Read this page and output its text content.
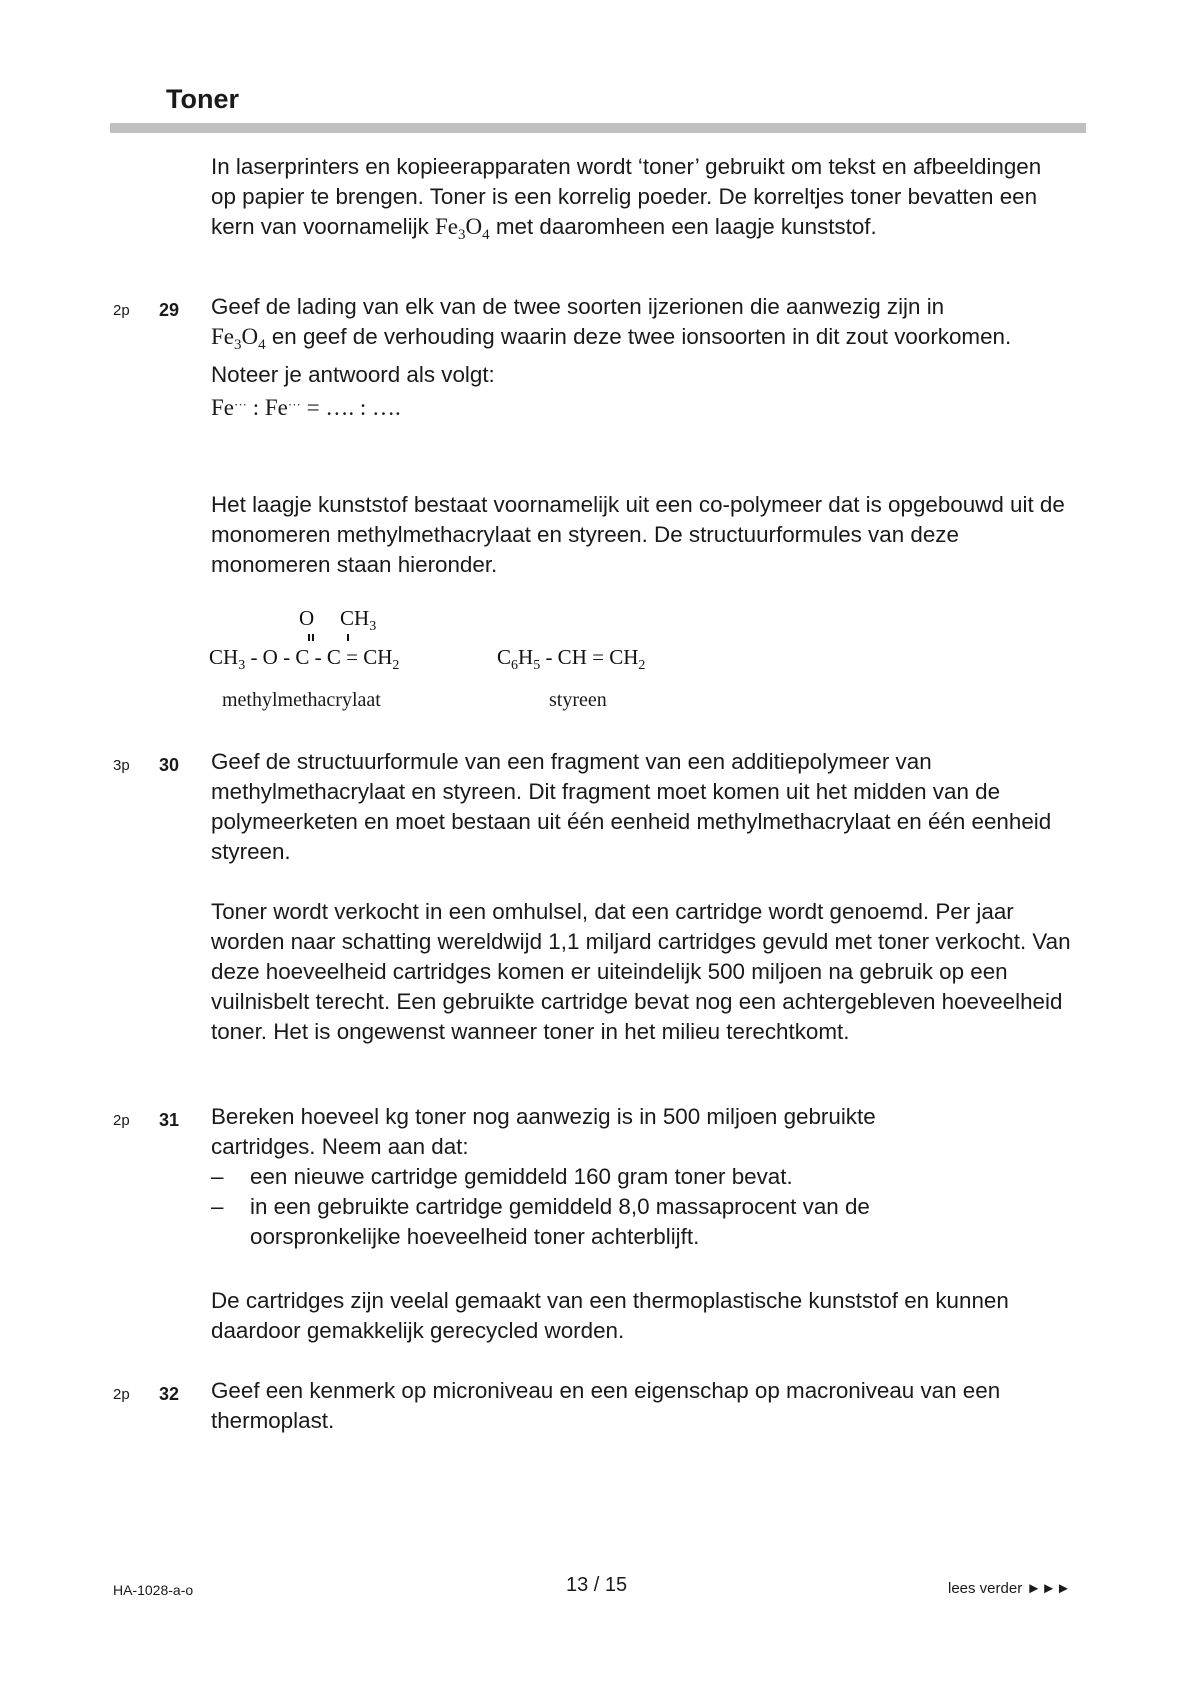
Toner
In laserprinters en kopieerapparaten wordt ‘toner’ gebruikt om tekst en afbeeldingen op papier te brengen. Toner is een korrelig poeder. De korreltjes toner bevatten een kern van voornamelijk $Fe_3O_4$ met daaromheen een laagje kunststof.
2p 29 Geef de lading van elk van de twee soorten ijzerionen die aanwezig zijn in
$Fe_3O_4$ en geef de verhouding waarin deze twee ionsoorten in dit zout voorkomen.
Noteer je antwoord als volgt:
Fe··· : Fe··· = …. : ….
Het laagje kunststof bestaat voornamelijk uit een co-polymeer dat is opgebouwd uit de monomeren methylmethacrylaat en styreen. De structuurformules van deze monomeren staan hieronder.
O $CH_3$
$CH_3 - O - C - C = CH_2$
methylmethacrylaat
$C_6H_5$ - CH = $CH_2$
styreen
3p 30 Geef de structuurformule van een fragment van een additiepolymeer van methylmethacrylaat en styreen. Dit fragment moet komen uit het midden van de polymeerketen en moet bestaan uit één eenheid methylmethacrylaat en één eenheid styreen.
Toner wordt verkocht in een omhulsel, dat een cartridge wordt genoemd. Per jaar worden naar schatting wereldwijd 1,1 miljard cartridges gevuld met toner verkocht. Van deze hoeveelheid cartridges komen er uiteindelijk 500 miljoen na gebruik op een vuilnisbelt terecht. Een gebruikte cartridge bevat nog een achtergebleven hoeveelheid toner. Het is ongewenst wanneer toner in het milieu terechtkomt.
2p 31 Bereken hoeveel kg toner nog aanwezig is in 500 miljoen gebruikte cartridges. Neem aan dat:
– een nieuwe cartridge gemiddeld 160 gram toner bevat.
– in een gebruikte cartridge gemiddeld 8,0 massaprocent van de oorspronkelijke hoeveelheid toner achterblijft.
De cartridges zijn veelal gemaakt van een thermoplastische kunststof en kunnen daardoor gemakkelijk gerecycled worden.
2p 32 Geef een kenmerk op microniveau en een eigenschap op macroniveau van een thermoplast.
HA-1028-a-o	13 / 15	lees verder ►►►
